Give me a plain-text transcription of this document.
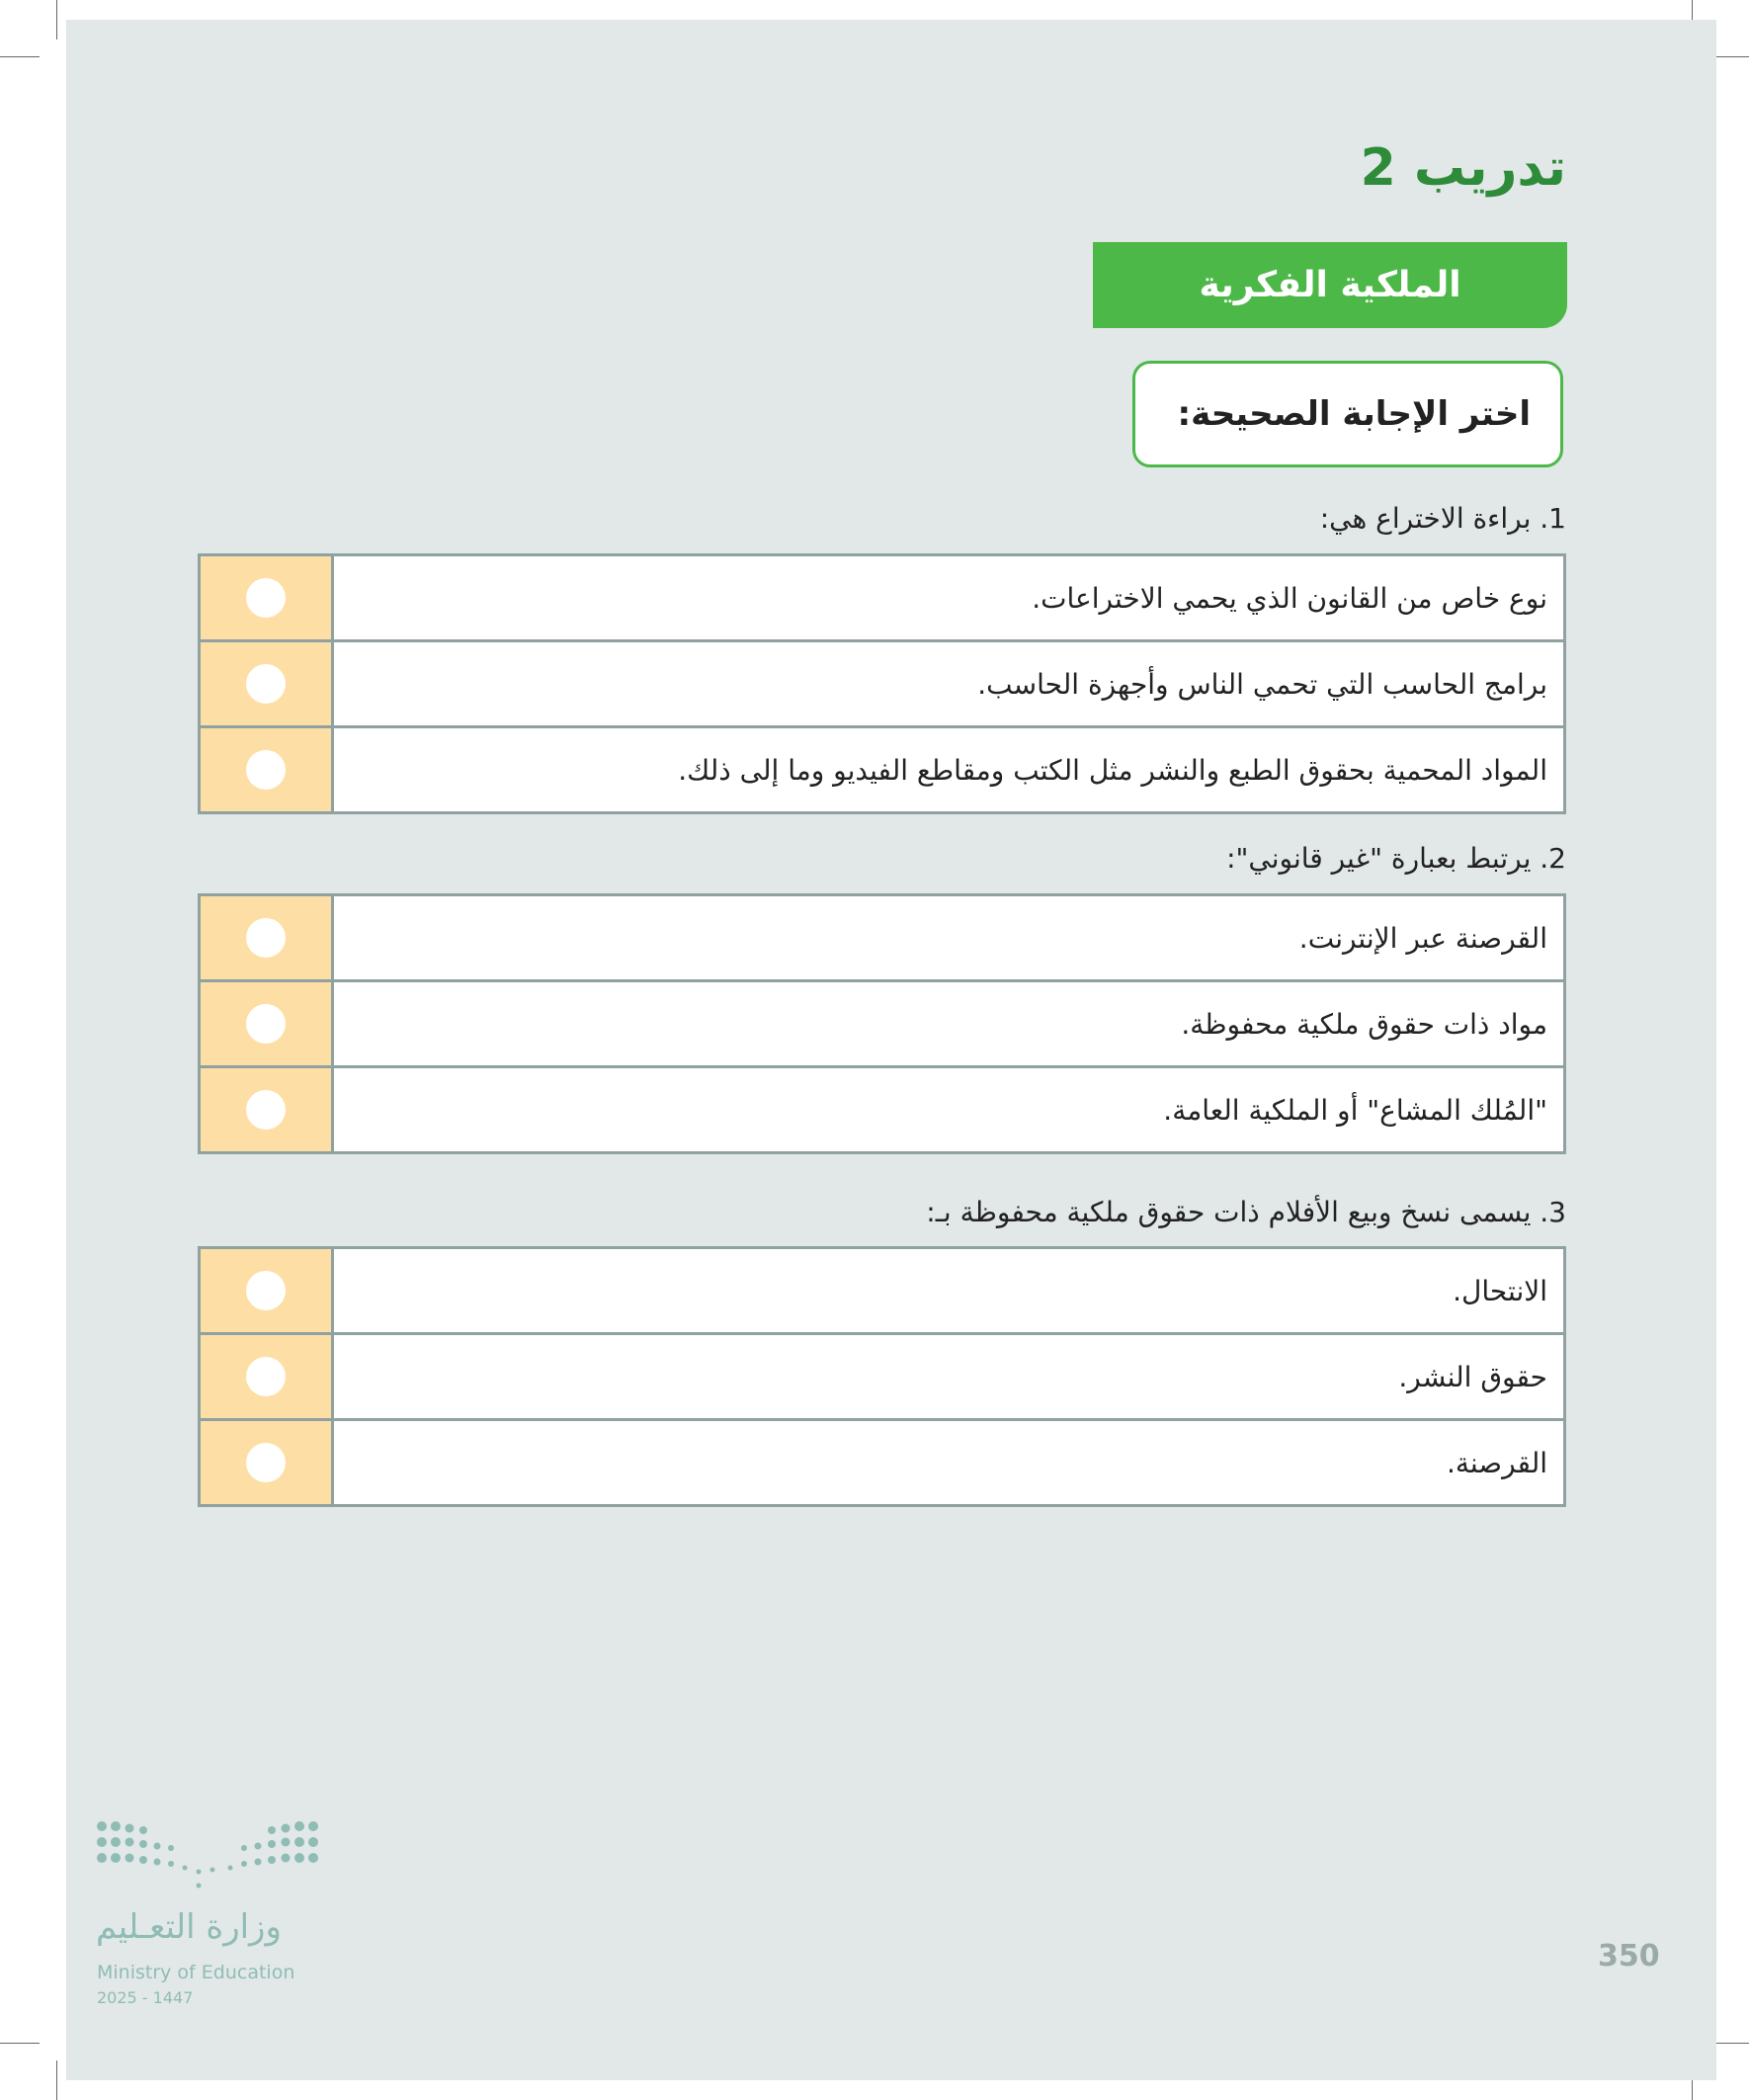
تدريب 2
الملكية الفكرية
اختر الإجابة الصحيحة:
1. براءة الاختراع هي:
نوع خاص من القانون الذي يحمي الاختراعات.
برامج الحاسب التي تحمي الناس وأجهزة الحاسب.
المواد المحمية بحقوق الطبع والنشر مثل الكتب ومقاطع الفيديو وما إلى ذلك.
2. يرتبط بعبارة "غير قانوني":
القرصنة عبر الإنترنت.
مواد ذات حقوق ملكية محفوظة.
"المُلك المشاع" أو الملكية العامة.
3. يسمى نسخ وبيع الأفلام ذات حقوق ملكية محفوظة بـ:
الانتحال.
حقوق النشر.
القرصنة.
وزارة التعـليم
Ministry of Education
2025 - 1447
350
